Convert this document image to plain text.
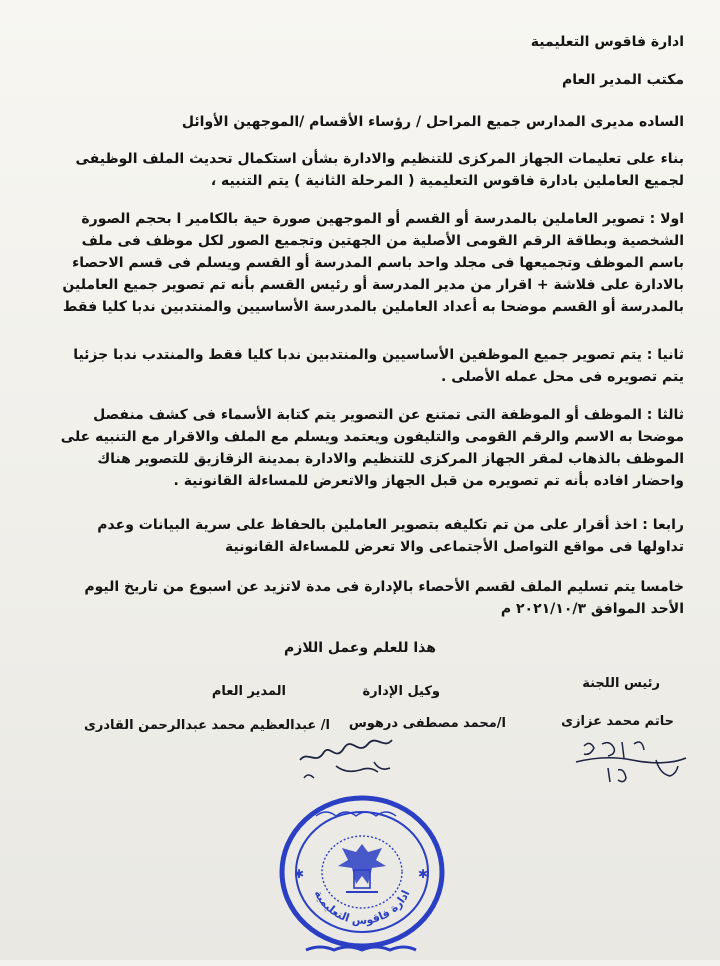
ادارة فاقوس التعليمية
مكتب المدير العام
الساده مديرى المدارس جميع المراحل / رؤساء الأقسام /الموجهين الأوائل
بناء على تعليمات الجهاز المركزى للتنظيم والادارة بشأن استكمال تحديث الملف الوظيفى
لجميع العاملين بادارة فاقوس التعليمية ( المرحلة الثانية ) يتم التنبيه ،
اولا : تصوير العاملين بالمدرسة أو القسم أو الموجهين صورة حية بالكامير ا بحجم الصورة
الشخصية وبطاقة الرقم القومى الأصلية من الجهتين وتجميع الصور لكل موظف فى ملف
باسم الموظف وتجميعها فى مجلد واحد باسم المدرسة أو القسم ويسلم فى قسم الاحصاء
بالادارة على فلاشة + اقرار من مدير المدرسة أو رئيس القسم بأنه تم تصوير جميع العاملين
بالمدرسة أو القسم موضحا به أعداد العاملين بالمدرسة الأساسيين والمنتدبين ندبا كليا فقط
ثانيا : يتم تصوير جميع الموظفين الأساسيين والمنتدبين ندبا كليا فقط والمنتدب ندبا جزئيا
يتم تصويره فى محل عمله الأصلى .
ثالثا : الموظف أو الموظفة التى تمتنع عن التصوير يتم كتابة الأسماء فى كشف منفصل
موضحا به الاسم والرقم القومى والتليفون ويعتمد ويسلم مع الملف والاقرار مع التنبيه على
الموظف بالذهاب لمقر الجهاز المركزى للتنظيم والادارة بمدينة الزقازيق للتصوير هناك
واحضار افاده بأنه تم تصويره من قبل الجهاز والاتعرض للمساءلة القانونية .
رابعا : اخذ أقرار على من تم تكليفه بتصوير العاملين بالحفاظ على سرية البيانات وعدم
تداولها فى مواقع التواصل الأجتماعى والا تعرض للمساءلة القانونية
خامسا يتم تسليم الملف لقسم الأحصاء بالإدارة فى مدة لاتزيد عن اسبوع من تاريخ اليوم
الأحد الموافق ٢٠٢١/١٠/٣ م
هذا للعلم وعمل اللازم
رئيس اللجنة
وكيل الإدارة
المدير العام
حاتم محمد عزازى
ا/محمد مصطفى درهوس
ا/ عبدالعظيم محمد عبدالرحمن القادرى
✱	✱
ادارة فاقوس التعليمية
